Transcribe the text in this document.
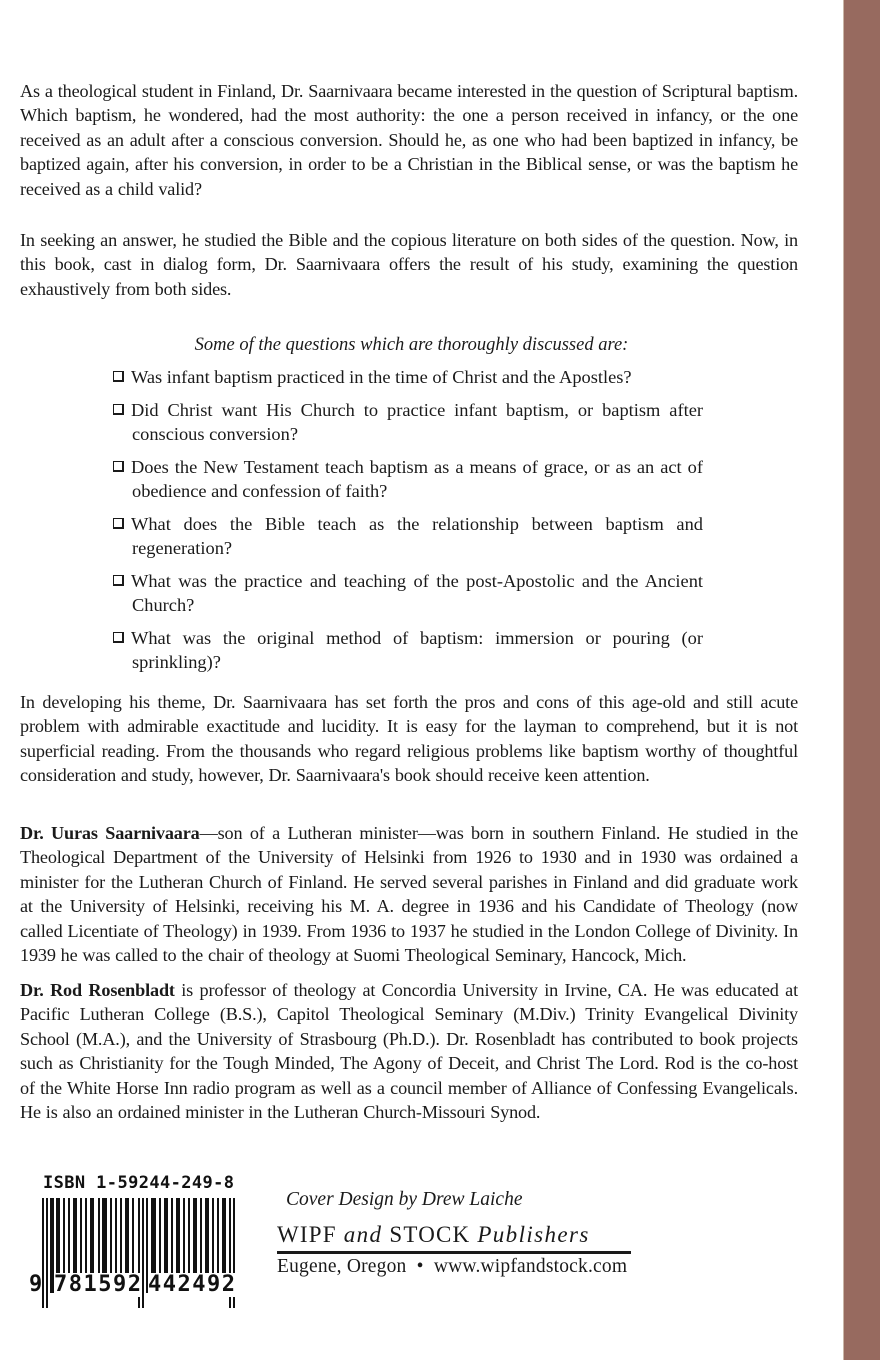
As a theological student in Finland, Dr. Saarnivaara became interested in the question of Scriptural baptism. Which baptism, he wondered, had the most authority: the one a person received in infancy, or the one received as an adult after a conscious conversion. Should he, as one who had been baptized in infancy, be baptized again, after his conversion, in order to be a Christian in the Biblical sense, or was the baptism he received as a child valid?

In seeking an answer, he studied the Bible and the copious literature on both sides of the question. Now, in this book, cast in dialog form, Dr. Saarnivaara offers the result of his study, examining the question exhaustively from both sides.

Some of the questions which are thoroughly discussed are:
Was infant baptism practiced in the time of Christ and the Apostles?
Did Christ want His Church to practice infant baptism, or baptism after conscious conversion?
Does the New Testament teach baptism as a means of grace, or as an act of obedience and confession of faith?
What does the Bible teach as the relationship between baptism and regeneration?
What was the practice and teaching of the post-Apostolic and the Ancient Church?
What was the original method of baptism: immersion or pouring (or sprinkling)?

In developing his theme, Dr. Saarnivaara has set forth the pros and cons of this age-old and still acute problem with admirable exactitude and lucidity. It is easy for the layman to comprehend, but it is not superficial reading. From the thousands who regard religious problems like baptism worthy of thoughtful consideration and study, however, Dr. Saarnivaara's book should receive keen attention.

Dr. Uuras Saarnivaara—son of a Lutheran minister—was born in southern Finland. He studied in the Theological Department of the University of Helsinki from 1926 to 1930 and in 1930 was ordained a minister for the Lutheran Church of Finland. He served several parishes in Finland and did graduate work at the University of Helsinki, receiving his M. A. degree in 1936 and his Candidate of Theology (now called Licentiate of Theology) in 1939. From 1936 to 1937 he studied in the London College of Divinity. In 1939 he was called to the chair of theology at Suomi Theological Seminary, Hancock, Mich.

Dr. Rod Rosenbladt is professor of theology at Concordia University in Irvine, CA. He was educated at Pacific Lutheran College (B.S.), Capitol Theological Seminary (M.Div.) Trinity Evangelical Divinity School (M.A.), and the University of Strasbourg (Ph.D.). Dr. Rosenbladt has contributed to book projects such as Christianity for the Tough Minded, The Agony of Deceit, and Christ The Lord. Rod is the co-host of the White Horse Inn radio program as well as a council member of Alliance of Confessing Evangelicals. He is also an ordained minister in the Lutheran Church-Missouri Synod.

ISBN 1-59244-249-8
9 781592 442492
Cover Design by Drew Laiche
WIPF and STOCK Publishers
Eugene, Oregon • www.wipfandstock.com
